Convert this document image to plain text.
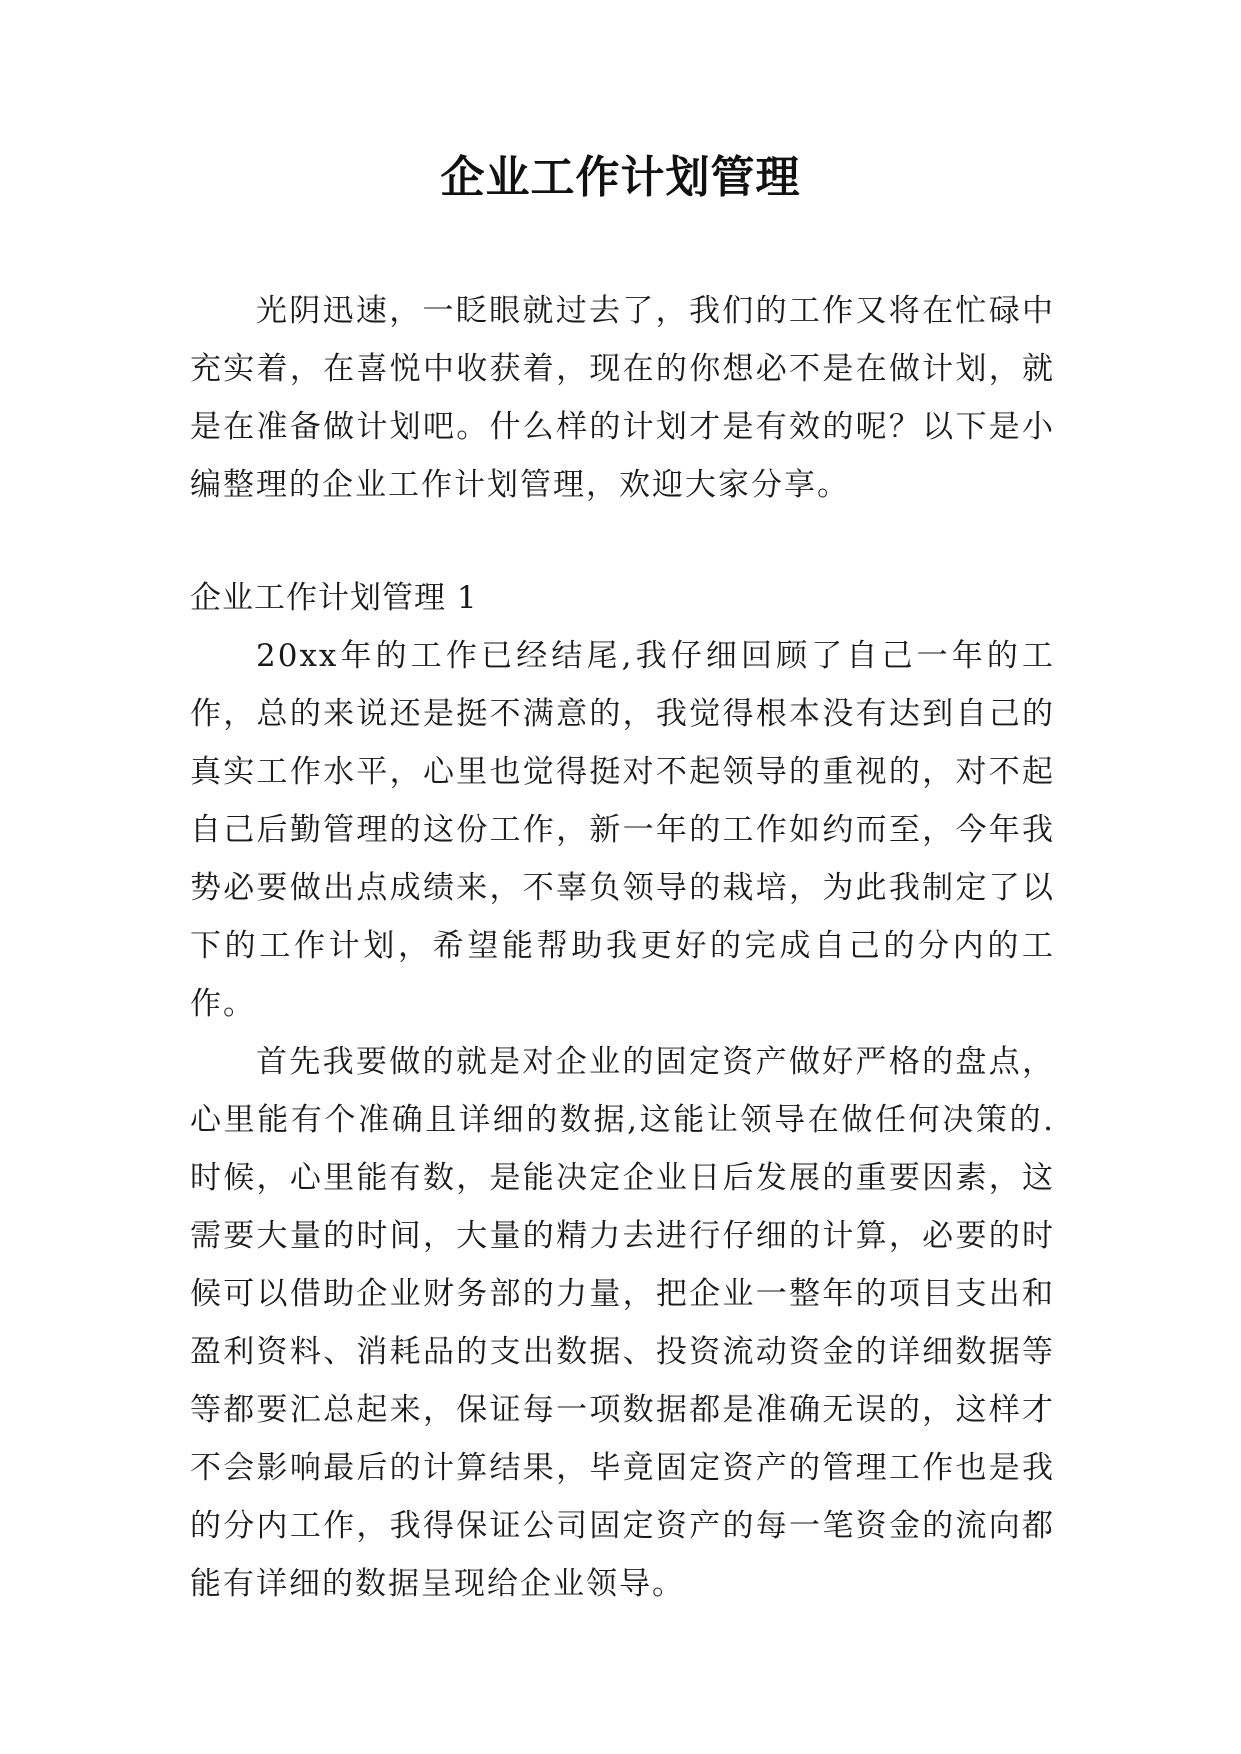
企业工作计划管理

光阴迅速，一眨眼就过去了，我们的工作又将在忙碌中充实着，在喜悦中收获着，现在的你想必不是在做计划，就是在准备做计划吧。什么样的计划才是有效的呢？以下是小编整理的企业工作计划管理，欢迎大家分享。

企业工作计划管理 1

20xx年的工作已经结尾,我仔细回顾了自己一年的工作，总的来说还是挺不满意的，我觉得根本没有达到自己的真实工作水平，心里也觉得挺对不起领导的重视的，对不起自己后勤管理的这份工作，新一年的工作如约而至，今年我势必要做出点成绩来，不辜负领导的栽培，为此我制定了以下的工作计划，希望能帮助我更好的完成自己的分内的工作。

首先我要做的就是对企业的固定资产做好严格的盘点，心里能有个准确且详细的数据,这能让领导在做任何决策的.时候，心里能有数，是能决定企业日后发展的重要因素，这需要大量的时间，大量的精力去进行仔细的计算，必要的时候可以借助企业财务部的力量，把企业一整年的项目支出和盈利资料、消耗品的支出数据、投资流动资金的详细数据等等都要汇总起来，保证每一项数据都是准确无误的，这样才不会影响最后的计算结果，毕竟固定资产的管理工作也是我的分内工作，我得保证公司固定资产的每一笔资金的流向都能有详细的数据呈现给企业领导。
